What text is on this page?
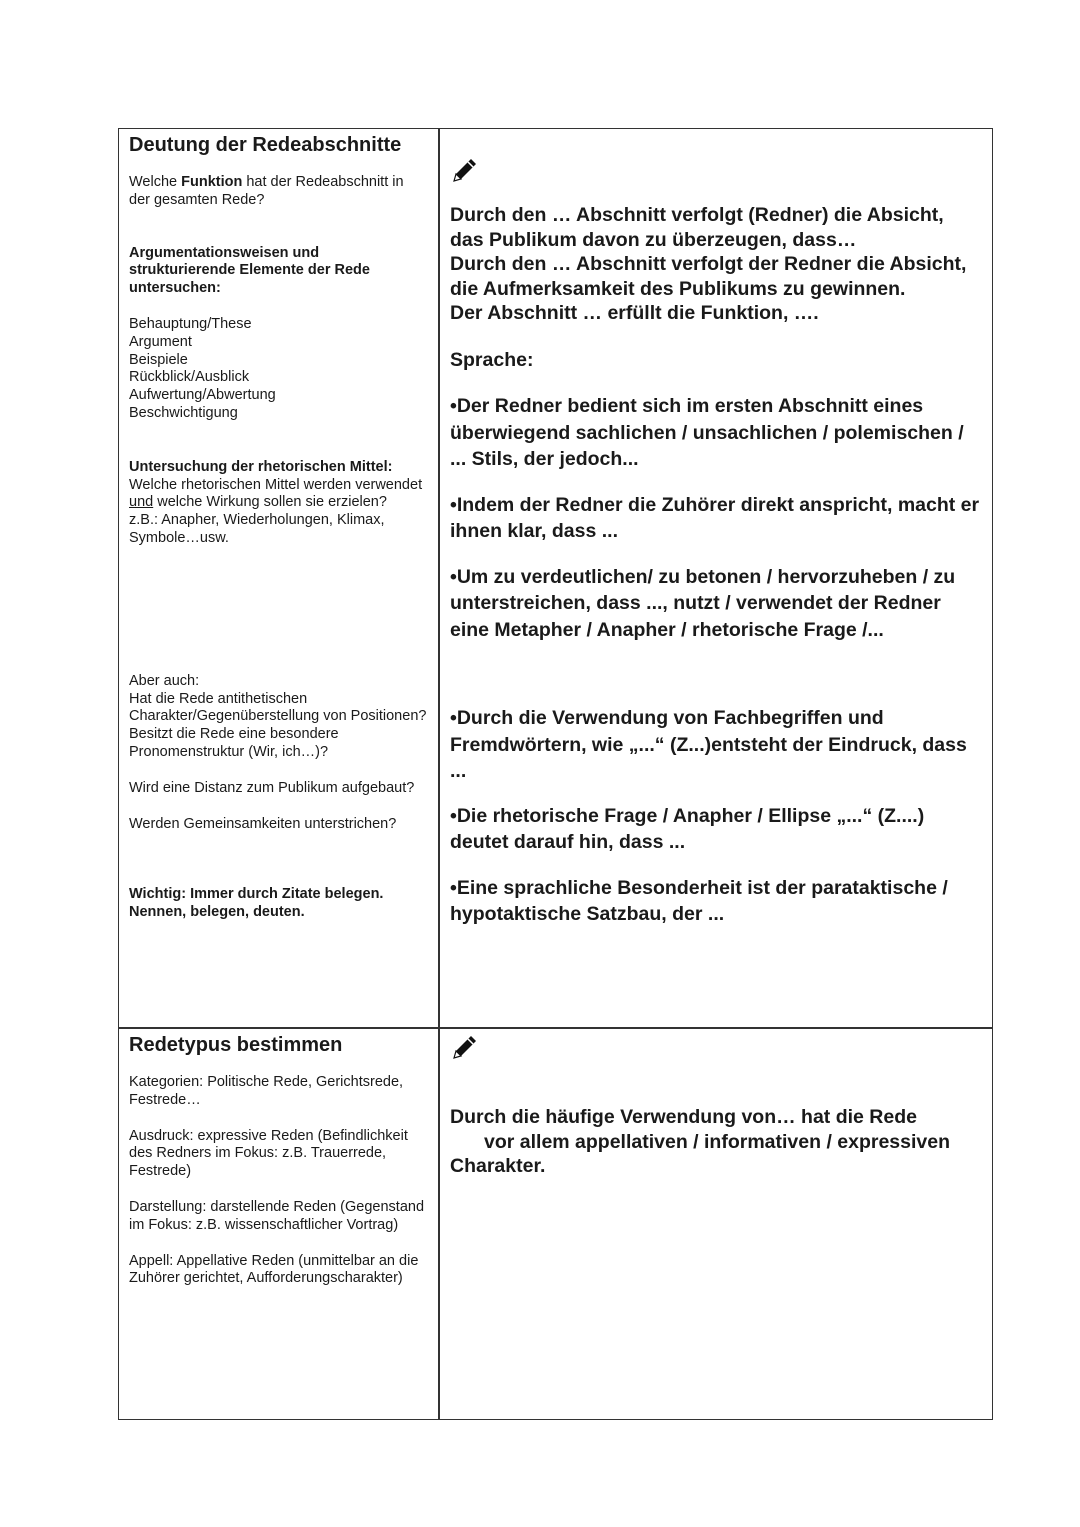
Deutung der Redeabschnitte

Welche Funktion hat der Redeabschnitt in der gesamten Rede?

Argumentationsweisen und strukturierende Elemente der Rede untersuchen:

Behauptung/These

Argument

Beispiele

Rückblick/Ausblick

Aufwertung/Abwertung

Beschwichtigung

Untersuchung der rhetorischen Mittel:

Welche rhetorischen Mittel werden verwendet und welche Wirkung sollen sie erzielen?

z.B.: Anapher, Wiederholungen, Klimax, Symbole…usw.

Aber auch:

Hat die Rede antithetischen Charakter/Gegenüberstellung von Positionen?

Besitzt die Rede eine besondere Pronomenstruktur (Wir, ich…)?

Wird eine Distanz zum Publikum aufgebaut?

Werden Gemeinsamkeiten unterstrichen?

Wichtig: Immer durch Zitate belegen.

Nennen, belegen, deuten.

Durch den … Abschnitt verfolgt (Redner) die Absicht,

das Publikum davon zu überzeugen, dass…

Durch den … Abschnitt verfolgt der Redner die Absicht,

die Aufmerksamkeit des Publikums zu gewinnen.

Der Abschnitt … erfüllt die Funktion, ….

Sprache:

•Der Redner bedient sich im ersten Abschnitt eines überwiegend sachlichen / unsachlichen / polemischen / ... Stils, der jedoch...

•Indem der Redner die Zuhörer direkt anspricht, macht er ihnen klar, dass ...

•Um zu verdeutlichen/ zu betonen / hervorzuheben / zu unterstreichen, dass ..., nutzt / verwendet der Redner eine Metapher / Anapher / rhetorische Frage /...

•Durch die Verwendung von Fachbegriffen und Fremdwörtern, wie „...“ (Z...)entsteht der Eindruck, dass ...

•Die rhetorische Frage / Anapher / Ellipse „...“ (Z....) deutet darauf hin, dass ...

•Eine sprachliche Besonderheit ist der parataktische / hypotaktische Satzbau, der ...

Redetypus bestimmen

Kategorien: Politische Rede, Gerichtsrede, Festrede…

Ausdruck: expressive Reden (Befindlichkeit des Redners im Fokus: z.B. Trauerrede, Festrede)

Darstellung: darstellende Reden (Gegenstand im Fokus: z.B. wissenschaftlicher Vortrag)

Appell: Appellative Reden (unmittelbar an die Zuhörer gerichtet, Aufforderungscharakter)

Durch die häufige Verwendung von… hat die Rede

vor allem appellativen / informativen / expressiven

Charakter.
